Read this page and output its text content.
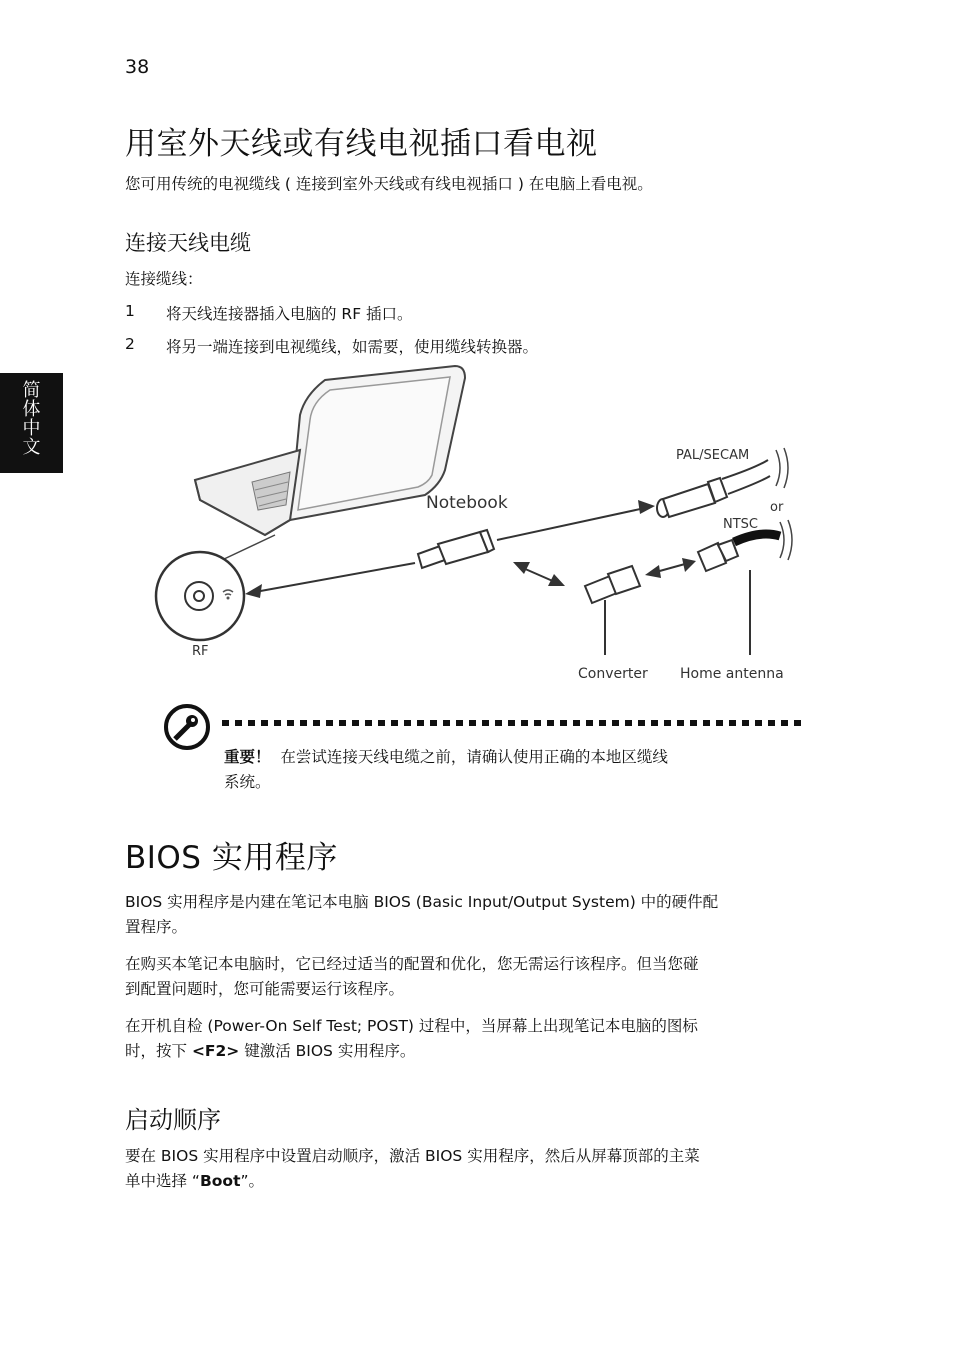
38
简
体
中
文
用室外天线或有线电视插口看电视

您可用传统的电视缆线 ( 连接到室外天线或有线电视插口 ) 在电脑上看电视。

连接天线电缆

连接缆线：

1 将天线连接器插入电脑的 RF 插口。
2 将另一端连接到电视缆线，如需要，使用缆线转换器。
RF
Notebook
PAL/SECAM
or
NTSC
Converter Home antenna
重要！ 在尝试连接天线电缆之前，请确认使用正确的本地区缆线
系统。
BIOS 实用程序
BIOS 实用程序是内建在笔记本电脑 BIOS (Basic Input/Output System) 中的硬件配
置程序。
在购买本笔记本电脑时，它已经过适当的配置和优化，您无需运行该程序。但当您碰
到配置问题时，您可能需要运行该程序。
在开机自检 (Power-On Self Test; POST) 过程中，当屏幕上出现笔记本电脑的图标
时，按下 <F2> 键激活 BIOS 实用程序。
启动顺序
要在 BIOS 实用程序中设置启动顺序，激活 BIOS 实用程序，然后从屏幕顶部的主菜
单中选择 “Boot”。
